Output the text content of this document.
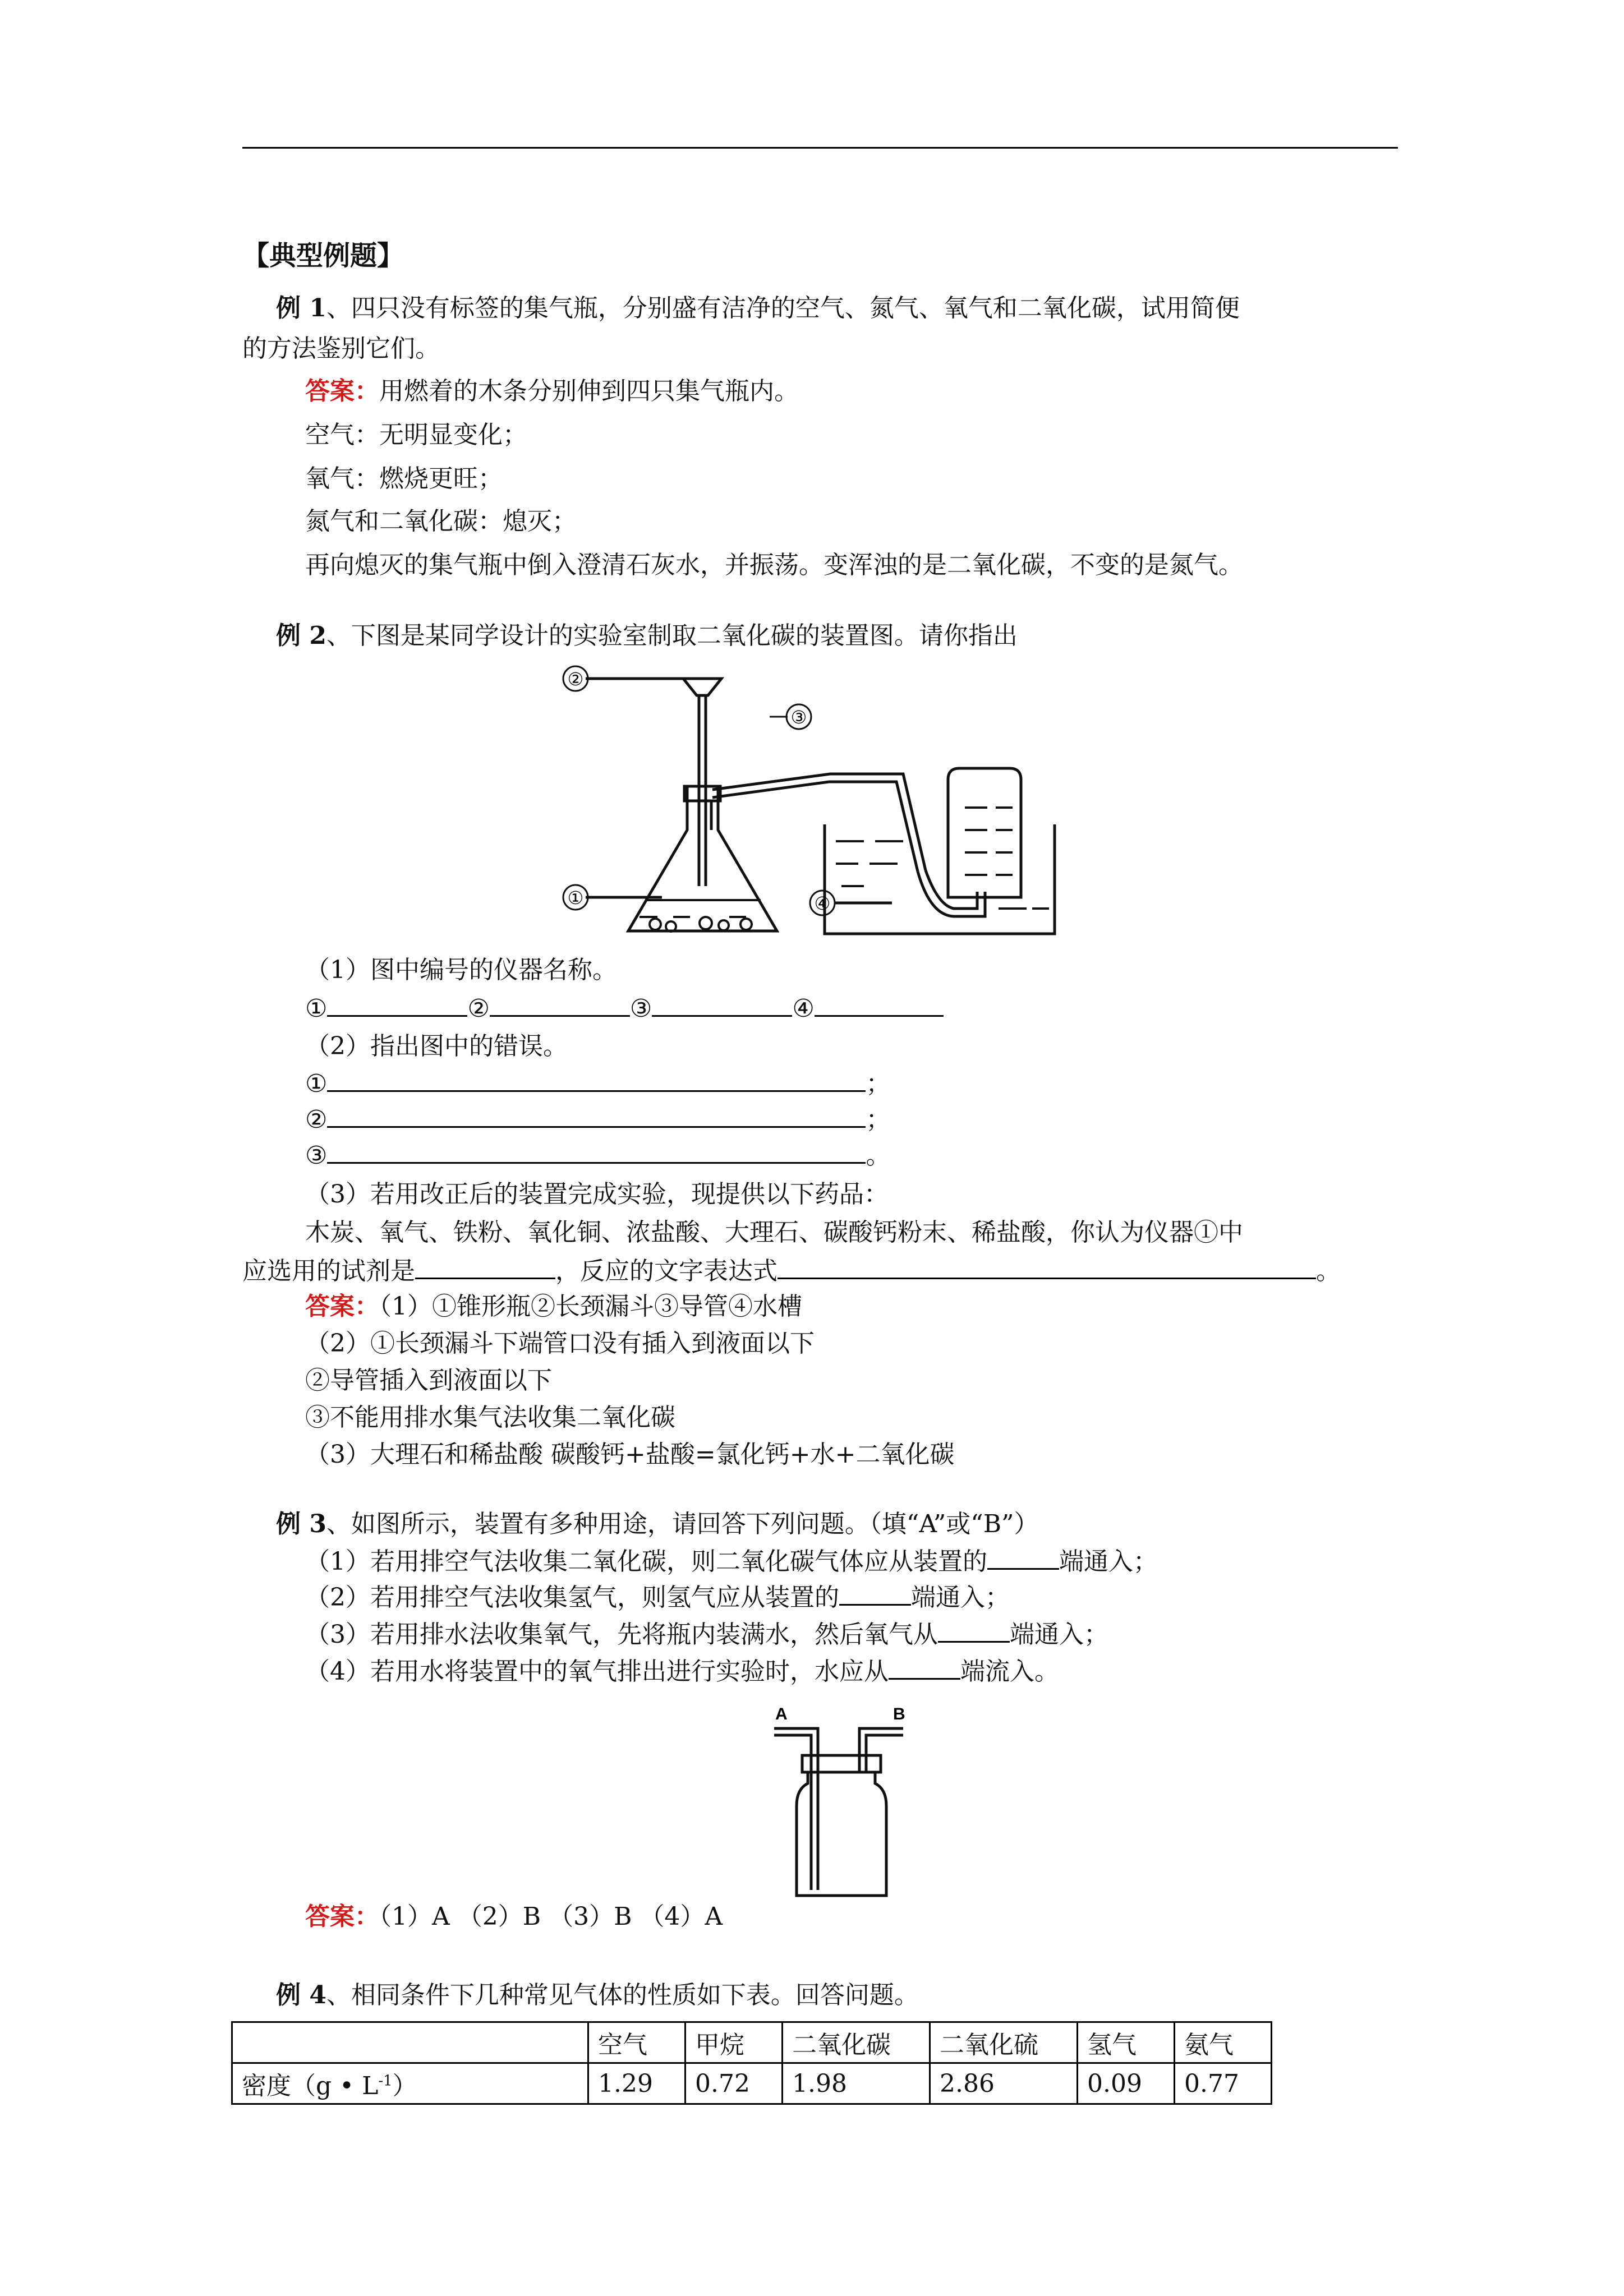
【典型例题】
例 1、四只没有标签的集气瓶，分别盛有洁净的空气、氮气、氧气和二氧化碳，试用简便
的方法鉴别它们。
答案：用燃着的木条分别伸到四只集气瓶内。
空气：无明显变化；
氧气：燃烧更旺；
氮气和二氧化碳：熄灭；
再向熄灭的集气瓶中倒入澄清石灰水，并振荡。变浑浊的是二氧化碳，不变的是氮气。
例 2、下图是某同学设计的实验室制取二氧化碳的装置图。请你指出
②
③
①	④
（1）图中编号的仪器名称。
①	②	③	④
（2）指出图中的错误。
①	；
②	；
③	。
（3）若用改正后的装置完成实验，现提供以下药品：
木炭、氧气、铁粉、氧化铜、浓盐酸、大理石、碳酸钙粉末、稀盐酸，你认为仪器①中
应选用的试剂是	，反应的文字表达式	。
答案：（1）①锥形瓶②长颈漏斗③导管④水槽
（2）①长颈漏斗下端管口没有插入到液面以下
②导管插入到液面以下
③不能用排水集气法收集二氧化碳
（3）大理石和稀盐酸 碳酸钙+盐酸=氯化钙+水+二氧化碳
例 3、如图所示，装置有多种用途，请回答下列问题。（填“A”或“B”）
（1）若用排空气法收集二氧化碳，则二氧化碳气体应从装置的	端通入；
（2）若用排空气法收集氢气，则氢气应从装置的	端通入；
（3）若用排水法收集氧气，先将瓶内装满水，然后氧气从	端通入；
（4）若用水将装置中的氧气排出进行实验时，水应从	端流入。
A	B
答案：（1）A （2）B （3）B （4）A
例 4、相同条件下几种常见气体的性质如下表。回答问题。
	空气	甲烷	二氧化碳	二氧化硫	氢气	氨气
密度（g • $L^{-1}$）	1.29	0.72	1.98	2.86	0.09	0.77
